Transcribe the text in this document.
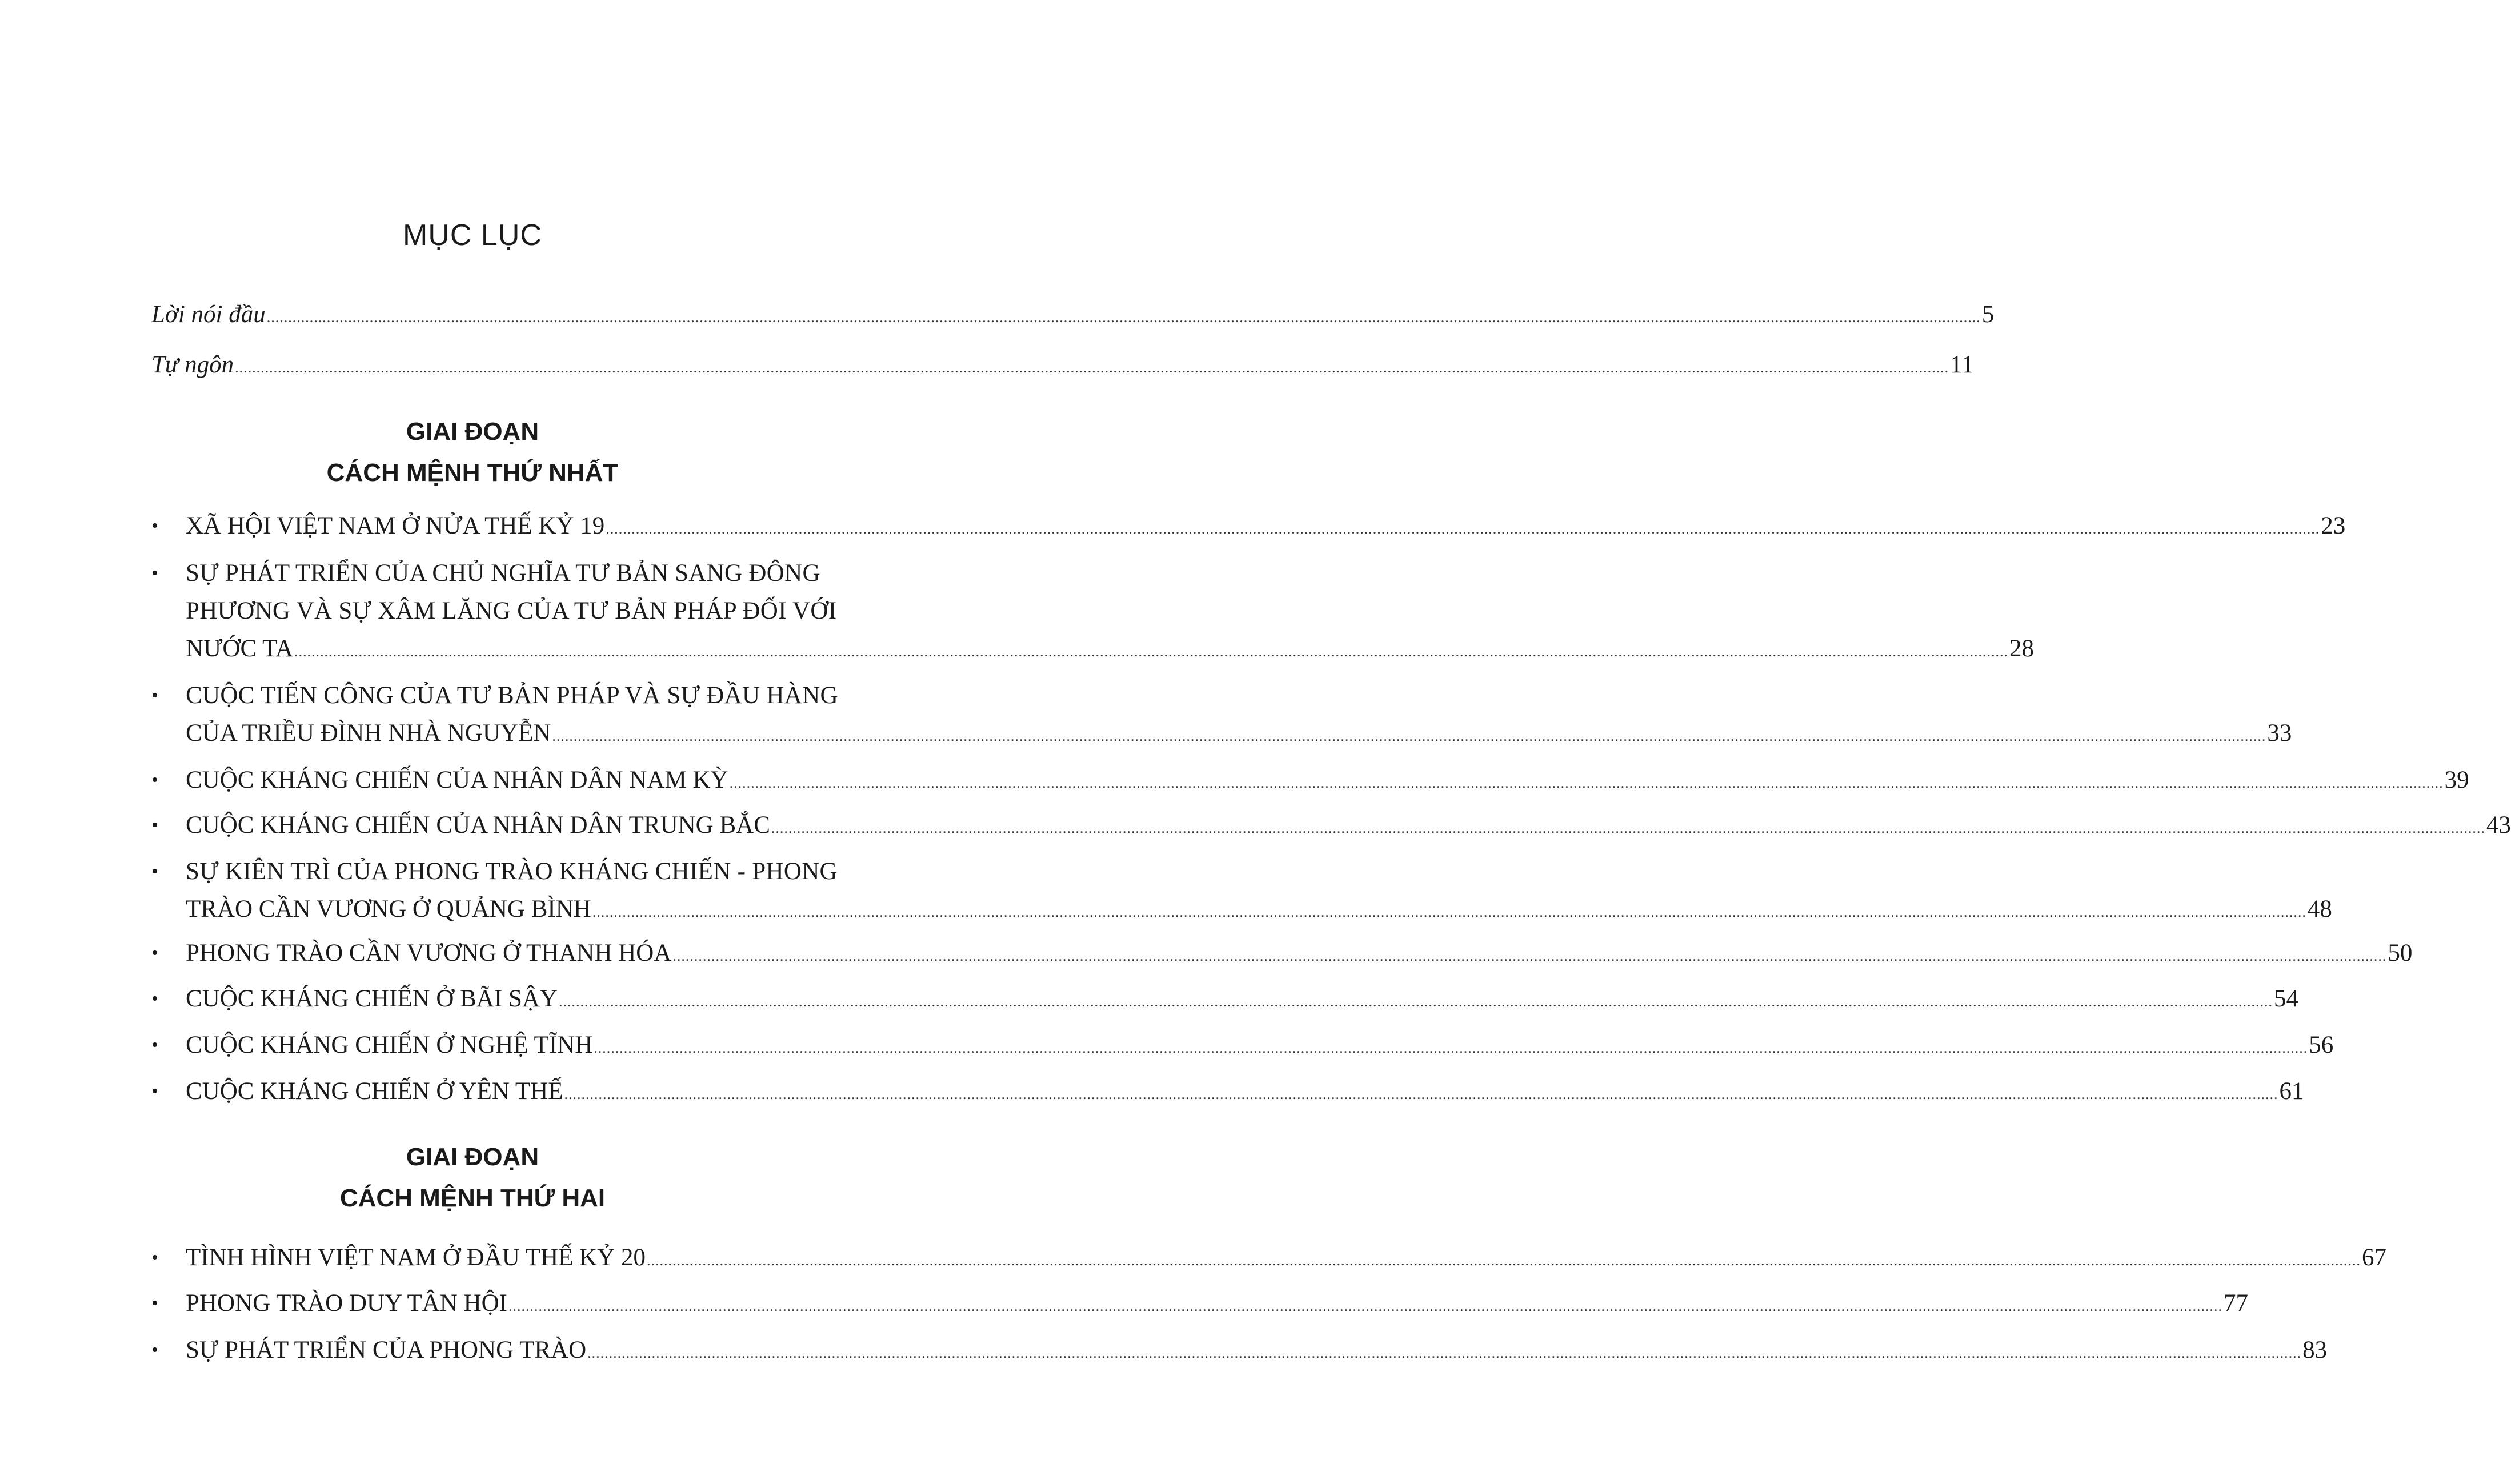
MỤC LỤC
Lời nói đầu ................................................................................................................................................................................................................................................................................................................................................................................................................ 5
Tự ngôn ................................................................................................................................................................................................................................................................................................................................................................................................................ 11
GIAI ĐOẠN
CÁCH MỆNH THỨ NHẤT
•	XÃ HỘI VIỆT NAM Ở NỬA THẾ KỶ 19 ................................................................................................................................................................................................................................................................................................................................................................................................................ 23
•	SỰ PHÁT TRIỂN CỦA CHỦ NGHĨA TƯ BẢN SANG ĐÔNG
PHƯƠNG VÀ SỰ XÂM LĂNG CỦA TƯ BẢN PHÁP ĐỐI VỚI
NƯỚC TA ................................................................................................................................................................................................................................................................................................................................................................................................................ 28
•	CUỘC TIẾN CÔNG CỦA TƯ BẢN PHÁP VÀ SỰ ĐẦU HÀNG
CỦA TRIỀU ĐÌNH NHÀ NGUYỄN ................................................................................................................................................................................................................................................................................................................................................................................................................ 33
•	CUỘC KHÁNG CHIẾN CỦA NHÂN DÂN NAM KỲ ................................................................................................................................................................................................................................................................................................................................................................................................................ 39
•	CUỘC KHÁNG CHIẾN CỦA NHÂN DÂN TRUNG BẮC ................................................................................................................................................................................................................................................................................................................................................................................................................ 43
•	SỰ KIÊN TRÌ CỦA PHONG TRÀO KHÁNG CHIẾN - PHONG
TRÀO CẦN VƯƠNG Ở QUẢNG BÌNH ................................................................................................................................................................................................................................................................................................................................................................................................................ 48
•	PHONG TRÀO CẦN VƯƠNG Ở THANH HÓA ................................................................................................................................................................................................................................................................................................................................................................................................................ 50
•	CUỘC KHÁNG CHIẾN Ở BÃI SẬY ................................................................................................................................................................................................................................................................................................................................................................................................................ 54
•	CUỘC KHÁNG CHIẾN Ở NGHỆ TĨNH ................................................................................................................................................................................................................................................................................................................................................................................................................ 56
•	CUỘC KHÁNG CHIẾN Ở YÊN THẾ ................................................................................................................................................................................................................................................................................................................................................................................................................ 61
GIAI ĐOẠN
CÁCH MỆNH THỨ HAI
•	TÌNH HÌNH VIỆT NAM Ở ĐẦU THẾ KỶ 20 ................................................................................................................................................................................................................................................................................................................................................................................................................ 67
•	PHONG TRÀO DUY TÂN HỘI ................................................................................................................................................................................................................................................................................................................................................................................................................ 77
•	SỰ PHÁT TRIỂN CỦA PHONG TRÀO ................................................................................................................................................................................................................................................................................................................................................................................................................ 83
